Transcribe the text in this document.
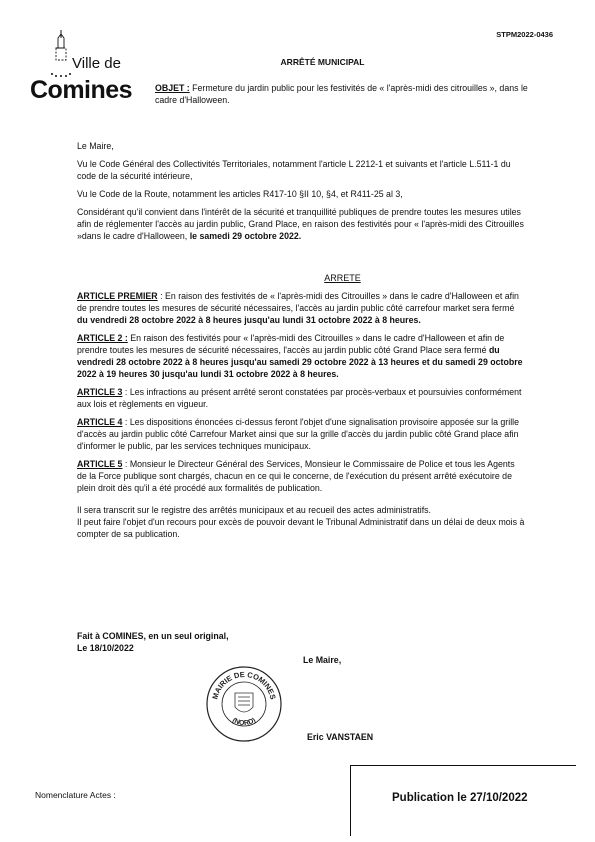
STPM2022-0436
Ville de
Comines
ARRÊTÉ MUNICIPAL
OBJET : Fermeture du jardin public pour les festivités de « l'après-midi des citrouilles », dans le cadre d'Halloween.

Le Maire,

Vu le Code Général des Collectivités Territoriales, notamment l'article L 2212-1 et suivants et l'article L.511-1 du code de la sécurité intérieure,

Vu le Code de la Route, notamment les articles R417-10 §II 10, §4, et R411-25 al 3,

Considérant qu'il convient dans l'intérêt de la sécurité et tranquillité publiques de prendre toutes les mesures utiles afin de réglementer l'accès au jardin public, Grand Place, en raison des festivités pour « l'après-midi des Citrouilles »dans le cadre d'Halloween, le samedi 29 octobre 2022.

ARRETE

ARTICLE PREMIER : En raison des festivités de « l'après-midi des Citrouilles » dans le cadre d'Halloween et afin de prendre toutes les mesures de sécurité nécessaires, l'accès au jardin public côté carrefour market sera fermé du vendredi 28 octobre 2022 à 8 heures jusqu'au lundi 31 octobre 2022 à 8 heures.

ARTICLE 2 : En raison des festivités pour « l'après-midi des Citrouilles » dans le cadre d'Halloween et afin de prendre toutes les mesures de sécurité nécessaires, l'accès au jardin public côté Grand Place sera fermé du vendredi 28 octobre 2022 à 8 heures jusqu'au samedi 29 octobre 2022 à 13 heures et du samedi 29 octobre 2022 à 19 heures 30 jusqu'au lundi 31 octobre 2022 à 8 heures.

ARTICLE 3 : Les infractions au présent arrêté seront constatées par procès-verbaux et poursuivies conformément aux lois et règlements en vigueur.

ARTICLE 4 : Les dispositions énoncées ci-dessus feront l'objet d'une signalisation provisoire apposée sur la grille d'accès au jardin public côté Carrefour Market ainsi que sur la grille d'accès du jardin public côté Grand place afin d'informer le public, par les services techniques municipaux.

ARTICLE 5 : Monsieur le Directeur Général des Services, Monsieur le Commissaire de Police et tous les Agents de la Force publique sont chargés, chacun en ce qui le concerne, de l'exécution du présent arrêté exécutoire de plein droit dès qu'il a été procédé aux formalités de publication.

Il sera transcrit sur le registre des arrêtés municipaux et au recueil des actes administratifs.

Il peut faire l'objet d'un recours pour excès de pouvoir devant le Tribunal Administratif dans un délai de deux mois à compter de sa publication.

Fait à COMINES, en un seul original,

Le 18/10/2022

Le Maire,
MAIRIE DE COMINES
(NORD)
Eric VANSTAEN
Nomenclature Actes :	Publication le 27/10/2022
